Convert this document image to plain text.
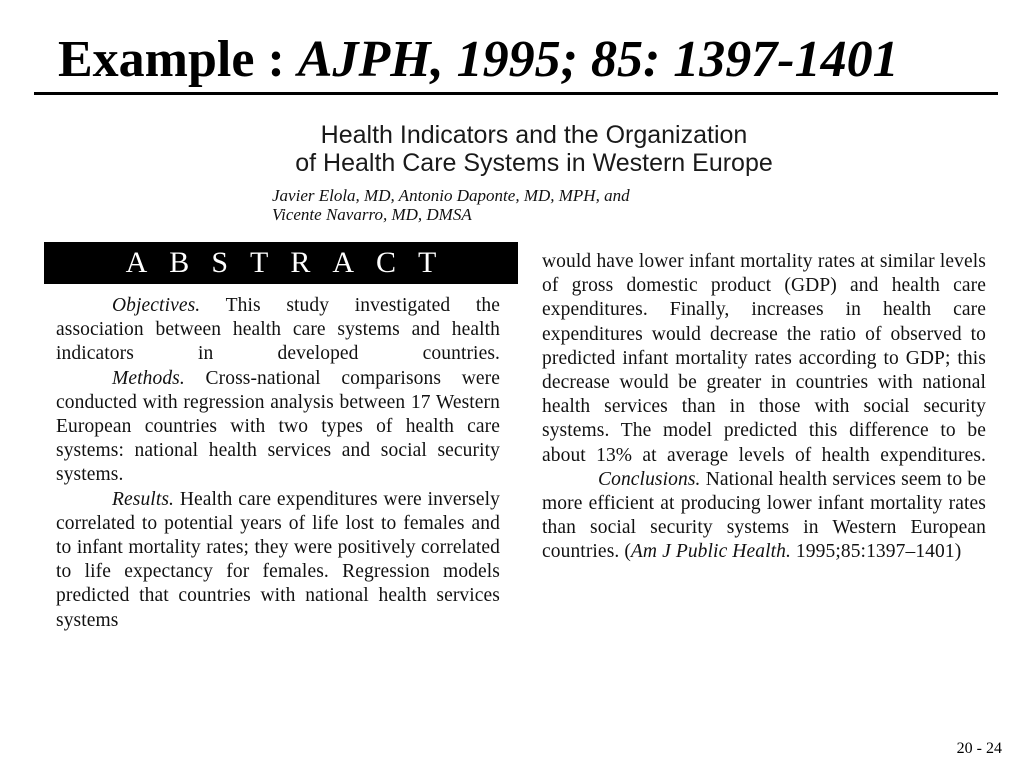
Example : AJPH, 1995; 85: 1397-1401
Health Indicators and the Organization
of Health Care Systems in Western Europe

Javier Elola, MD, Antonio Daponte, MD, MPH, and
Vicente Navarro, MD, DMSA

ABSTRACT

Objectives. This study investigated the association between health care systems and health indicators in developed countries.

Methods. Cross-national comparisons were conducted with regression analysis between 17 Western European countries with two types of health care systems: national health services and social security systems.

Results. Health care expenditures were inversely correlated to potential years of life lost to females and to infant mortality rates; they were positively correlated to life expectancy for females. Regression models predicted that countries with national health services systems

would have lower infant mortality rates at similar levels of gross domestic product (GDP) and health care expenditures. Finally, increases in health care expenditures would decrease the ratio of observed to predicted infant mortality rates according to GDP; this decrease would be greater in countries with national health services than in those with social security systems. The model predicted this difference to be about 13% at average levels of health expenditures.

Conclusions. National health services seem to be more efficient at producing lower infant mortality rates than social security systems in Western European countries. (Am J Public Health. 1995;85:1397–1401)

20 - 24
